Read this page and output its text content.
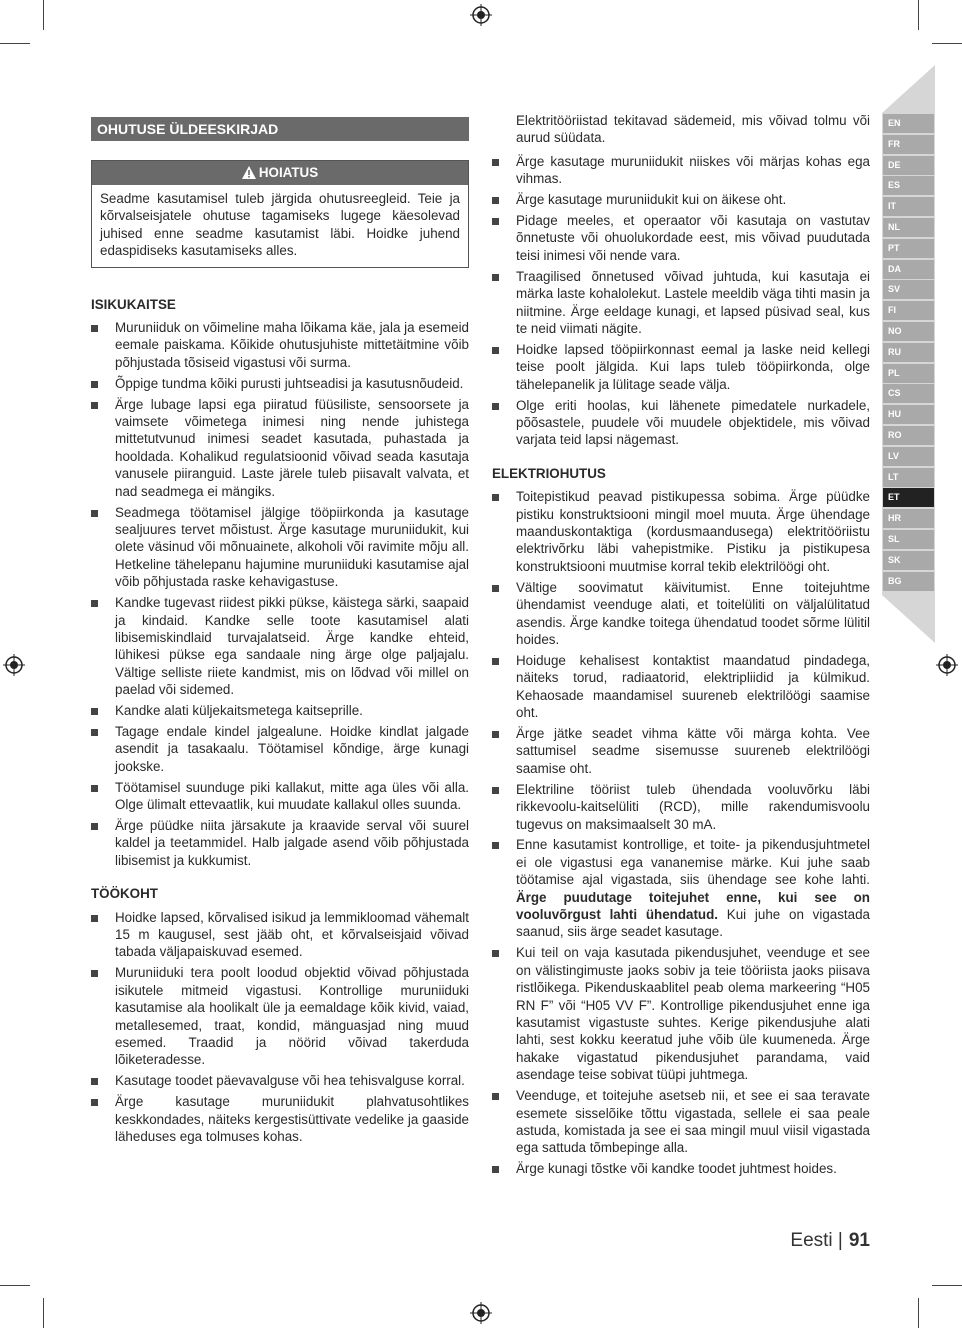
EN
FR
DE
ES
IT
NL
PT
DA
SV
FI
NO
RU
PL
CS
HU
RO
LV
LT
ET
HR
SL
SK
BG
OHUTUSE ÜLDEESKIRJAD
HOIATUS
Seadme kasutamisel tuleb järgida ohutusreegleid. Teie ja kõrvalseisjatele ohutuse tagamiseks lugege käesolevad juhised enne seadme kasutamist läbi. Hoidke juhend edaspidiseks kasutamiseks alles.
ISIKUKAITSE
Muruniiduk on võimeline maha lõikama käe, jala ja esemeid eemale paiskama. Kõikide ohutusjuhiste mittetäitmine võib põhjustada tõsiseid vigastusi või surma.
Õppige tundma kõiki purusti juhtseadisi ja kasutusnõudeid.
Ärge lubage lapsi ega piiratud füüsiliste, sensoorsete ja vaimsete võimetega inimesi ning nende juhistega mittetutvunud inimesi seadet kasutada, puhastada ja hooldada. Kohalikud regulatsioonid võivad seada kasutaja vanusele piiranguid. Laste järele tuleb piisavalt valvata, et nad seadmega ei mängiks.
Seadmega töötamisel jälgige tööpiirkonda ja kasutage sealjuures tervet mõistust. Ärge kasutage muruniidukit, kui olete väsinud või mõnuainete, alkoholi või ravimite mõju all. Hetkeline tähelepanu hajumine muruniiduki kasutamise ajal võib põhjustada raske kehavigastuse.
Kandke tugevast riidest pikki pükse, käistega särki, saapaid ja kindaid. Kandke selle toote kasutamisel alati libisemiskindlaid turvajalatseid. Ärge kandke ehteid, lühikesi pükse ega sandaale ning ärge olge paljajalu. Vältige selliste riiete kandmist, mis on lõdvad või millel on paelad või sidemed.
Kandke alati küljekaitsmetega kaitseprille.
Tagage endale kindel jalgealune. Hoidke kindlat jalgade asendit ja tasakaalu. Töötamisel kõndige, ärge kunagi jookske.
Töötamisel suunduge piki kallakut, mitte aga üles või alla. Olge ülimalt ettevaatlik, kui muudate kallakul olles suunda.
Ärge püüdke niita järsakute ja kraavide serval või suurel kaldel ja teetammidel. Halb jalgade asend võib põhjustada libisemist ja kukkumist.
TÖÖKOHT
Hoidke lapsed, kõrvalised isikud ja lemmikloomad vähemalt 15 m kaugusel, sest jääb oht, et kõrvalseisjaid võivad tabada väljapaiskuvad esemed.
Muruniiduki tera poolt loodud objektid võivad põhjustada isikutele mitmeid vigastusi. Kontrollige muruniiduki kasutamise ala hoolikalt üle ja eemaldage kõik kivid, vaiad, metallesemed, traat, kondid, mänguasjad ning muud esemed. Traadid ja nöörid võivad takerduda lõiketeradesse.
Kasutage toodet päevavalguse või hea tehisvalguse korral.
Ärge kasutage muruniidukit plahvatusohtlikes keskkondades, näiteks kergestisüttivate vedelike ja gaaside läheduses ega tolmuses kohas.
Elektritööriistad tekitavad sädemeid, mis võivad tolmu või aurud süüdata.
Ärge kasutage muruniidukit niiskes või märjas kohas ega vihmas.
Ärge kasutage muruniidukit kui on äikese oht.
Pidage meeles, et operaator või kasutaja on vastutav õnnetuste või ohuolukordade eest, mis võivad puudutada teisi inimesi või nende vara.
Traagilised õnnetused võivad juhtuda, kui kasutaja ei märka laste kohalolekut. Lastele meeldib väga tihti masin ja niitmine. Ärge eeldage kunagi, et lapsed püsivad seal, kus te neid viimati nägite.
Hoidke lapsed tööpiirkonnast eemal ja laske neid kellegi teise poolt jälgida. Kui laps tuleb tööpiirkonda, olge tähelepanelik ja lülitage seade välja.
Olge eriti hoolas, kui lähenete pimedatele nurkadele, põõsastele, puudele või muudele objektidele, mis võivad varjata teid lapsi nägemast.
ELEKTRIOHUTUS
Toitepistikud peavad pistikupessa sobima. Ärge püüdke pistiku konstruktsiooni mingil moel muuta. Ärge ühendage maanduskontaktiga (kordusmaandusega) elektritööriistu elektrivõrku läbi vahepistmike. Pistiku ja pistikupesa konstruktsiooni muutmise korral tekib elektrilöögi oht.
Vältige soovimatut käivitumist. Enne toitejuhtme ühendamist veenduge alati, et toitelüliti on väljalülitatud asendis. Ärge kandke toitega ühendatud toodet sõrme lülitil hoides.
Hoiduge kehalisest kontaktist maandatud pindadega, näiteks torud, radiaatorid, elektripliidid ja külmikud. Kehaosade maandamisel suureneb elektrilöögi saamise oht.
Ärge jätke seadet vihma kätte või märga kohta. Vee sattumisel seadme sisemusse suureneb elektrilöögi saamise oht.
Elektriline tööriist tuleb ühendada vooluvõrku läbi rikkevoolu-kaitselüliti (RCD), mille rakendumisvoolu tugevus on maksimaalselt 30 mA.
Enne kasutamist kontrollige, et toite- ja pikendusjuhtmetel ei ole vigastusi ega vananemise märke. Kui juhe saab töötamise ajal vigastada, siis ühendage see kohe lahti. Ärge puudutage toitejuhet enne, kui see on vooluvõrgust lahti ühendatud. Kui juhe on vigastada saanud, siis ärge seadet kasutage.
Kui teil on vaja kasutada pikendusjuhet, veenduge et see on välistingimuste jaoks sobiv ja teie tööriista jaoks piisava ristlõikega. Pikenduskaablitel peab olema markeering “H05 RN F” või “H05 VV F”. Kontrollige pikendusjuhet enne iga kasutamist vigastuste suhtes. Kerige pikendusjuhe alati lahti, sest kokku keeratud juhe võib üle kuumeneda. Ärge hakake vigastatud pikendusjuhet parandama, vaid asendage teise sobivat tüüpi juhtmega.
Veenduge, et toitejuhe asetseb nii, et see ei saa teravate esemete sisselõike tõttu vigastada, sellele ei saa peale astuda, komistada ja see ei saa mingil muul viisil vigastada ega sattuda tõmbepinge alla.
Ärge kunagi tõstke või kandke toodet juhtmest hoides.
Eesti | 91
